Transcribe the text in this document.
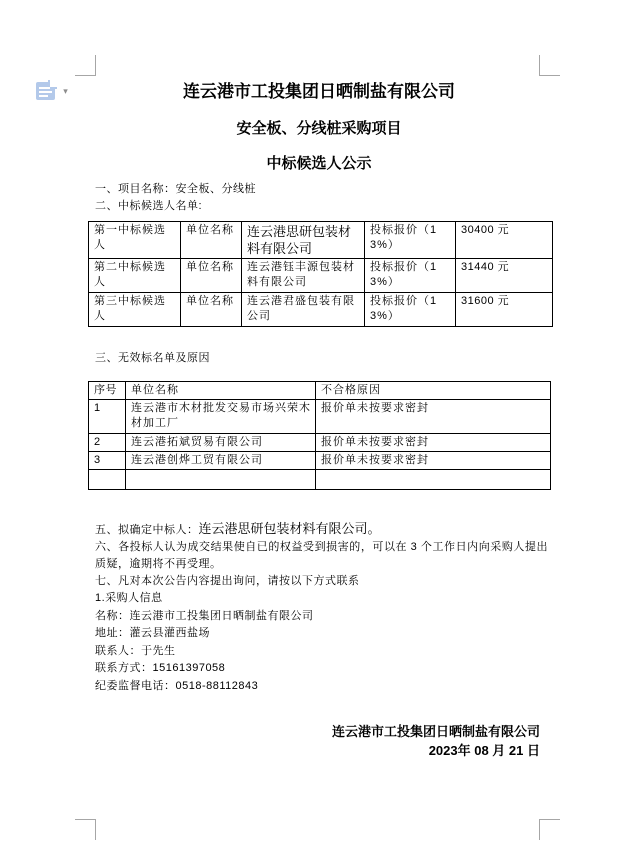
▾	连云港市工投集团日晒制盐有限公司

安全板、分线桩采购项目

中标候选人公示

一、项目名称：安全板、分线桩

二、中标候选人名单:

第一中标候选人	单位名称	连云港思研包装材料有限公司	投标报价（13%）	30400 元
第二中标候选人	单位名称	连云港钰丰源包装材料有限公司	投标报价（13%）	31440 元
第三中标候选人	单位名称	连云港君盛包装有限公司	投标报价（13%）	31600 元

三、无效标名单及原因

序号	单位名称	不合格原因
1	连云港市木材批发交易市场兴荣木材加工厂	报价单未按要求密封
2	连云港拓斌贸易有限公司	报价单未按要求密封
3	连云港创烨工贸有限公司	报价单未按要求密封

五、拟确定中标人：连云港思研包装材料有限公司。

六、各投标人认为成交结果使自已的权益受到损害的，可以在 3 个工作日内向采购人提出质疑，逾期将不再受理。

七、凡对本次公告内容提出询问，请按以下方式联系

1.采购人信息

名称：连云港市工投集团日晒制盐有限公司

地址：灌云县灌西盐场

联系人：于先生

联系方式：15161397058

纪委监督电话：0518-88112843

连云港市工投集团日晒制盐有限公司
2023年 08 月 21 日
